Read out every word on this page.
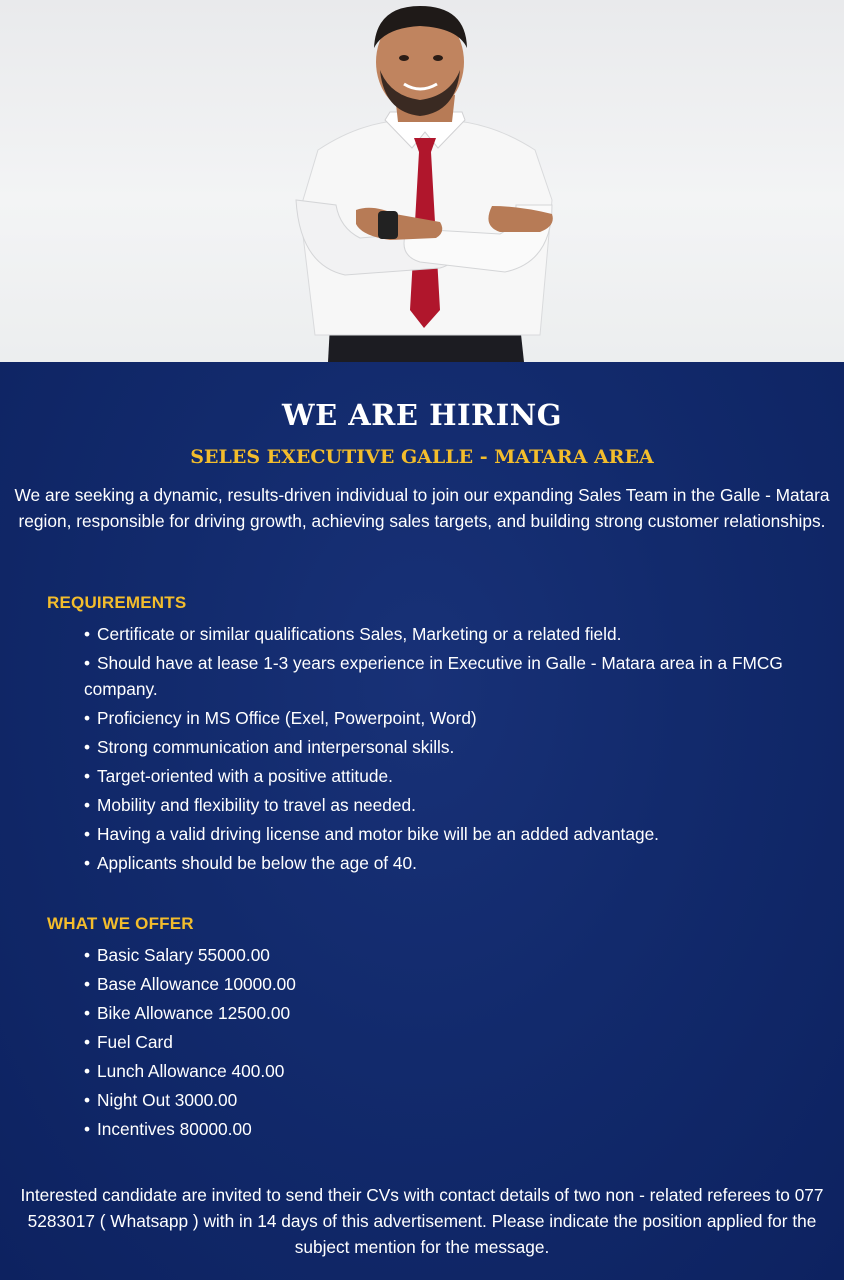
WE ARE HIRING
SELES EXECUTIVE GALLE - MATARA AREA
We are seeking a dynamic, results-driven individual to join our expanding Sales Team in the Galle - Matara region, responsible for driving growth, achieving sales targets, and building strong customer relationships.
REQUIREMENTS
• Certificate or similar qualifications Sales, Marketing or a related field.
• Should have at lease 1-3 years experience in Executive in Galle - Matara area in a FMCG company.
• Proficiency in MS Office (Exel, Powerpoint, Word)
• Strong communication and interpersonal skills.
• Target-oriented with a positive attitude.
• Mobility and flexibility to travel as needed.
• Having a valid driving license and motor bike will be an added advantage.
• Applicants should be below the age of 40.
WHAT WE OFFER
• Basic Salary 55000.00
• Base Allowance 10000.00
• Bike Allowance 12500.00
• Fuel Card
• Lunch Allowance 400.00
• Night Out 3000.00
• Incentives 80000.00
Interested candidate are invited to send their CVs with contact details of two non - related referees to 077 5283017 ( Whatsapp ) with in 14 days of this advertisement. Please indicate the position applied for the subject mention for the message.
